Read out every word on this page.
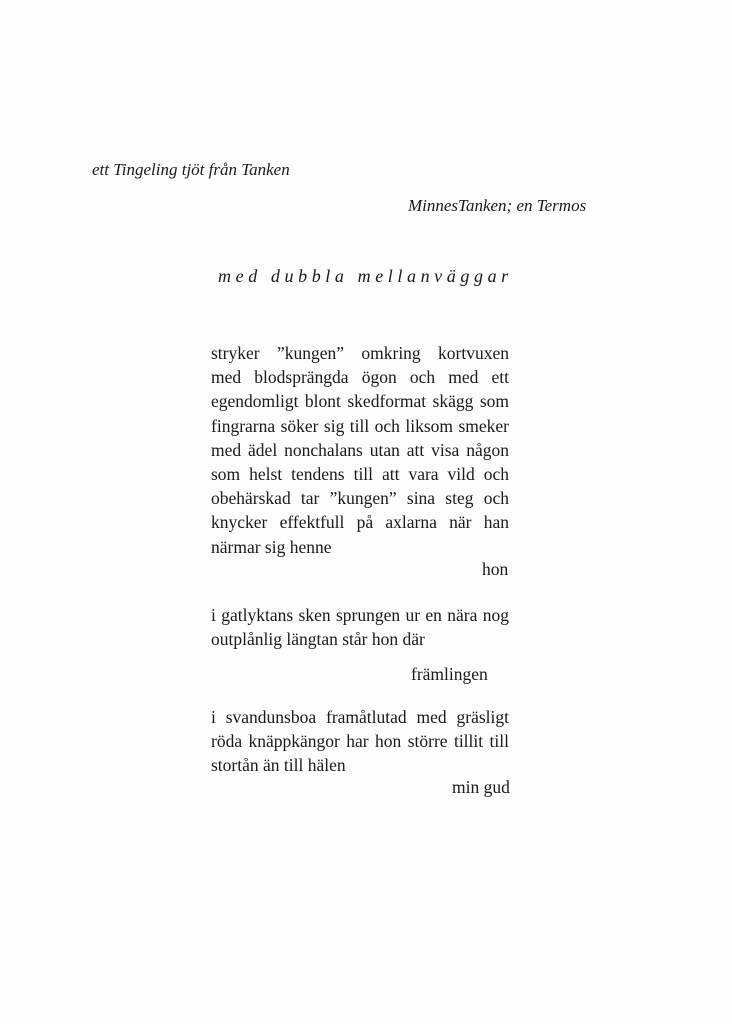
ett Tingeling tjöt från Tanken
MinnesTanken; en Termos
med dubbla mellanväggar
stryker ”kungen” omkring kortvuxen
med blodsprängda ögon och med ett
egendomligt blont skedformat skägg som
fingrarna söker sig till och liksom smeker
med ädel nonchalans utan att visa någon
som helst tendens till att vara vild och
obehärskad tar ”kungen” sina steg och
knycker effektfull på axlarna när han
närmar sig henne
hon
i gatlyktans sken sprungen ur en nära nog
outplånlig längtan står hon där
främlingen
i svandunsboa framåtlutad med gräsligt
röda knäppkängor har hon större tillit till
stortån än till hälen
min gud
